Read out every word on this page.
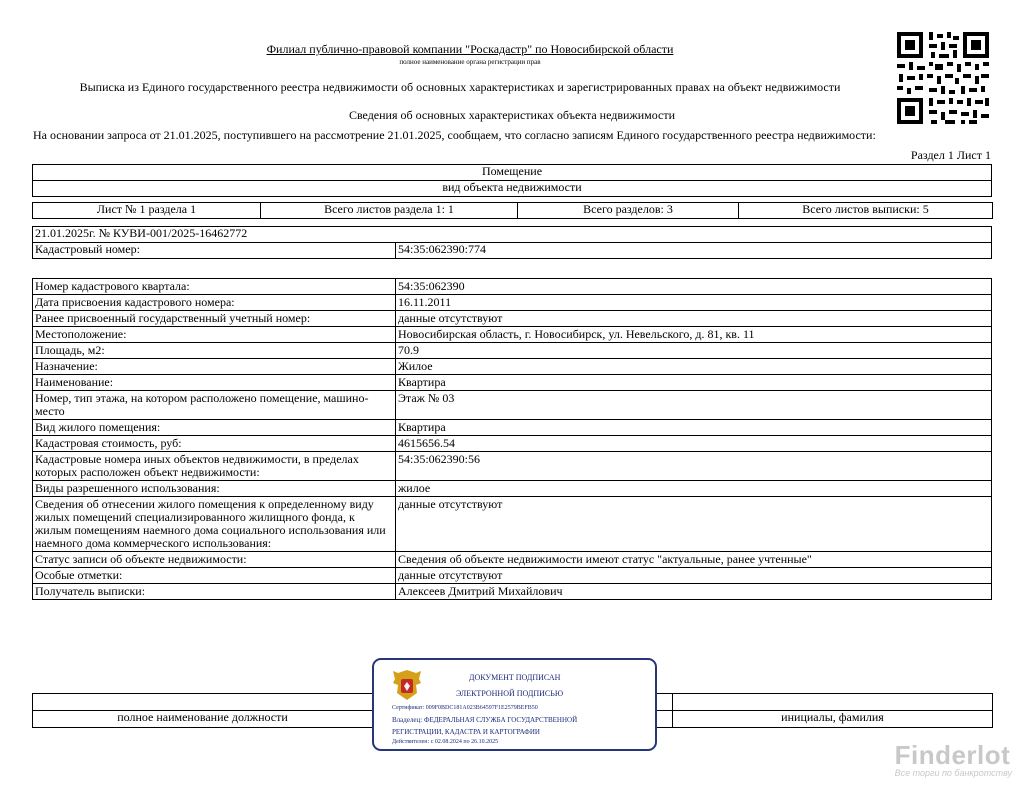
Филиал публично-правовой компании "Роскадастр" по Новосибирской области
полное наименование органа регистрации прав
Выписка из Единого государственного реестра недвижимости об основных характеристиках и зарегистрированных правах на объект недвижимости
Сведения об основных характеристиках объекта недвижимости
На основании запроса от 21.01.2025, поступившего на рассмотрение 21.01.2025, сообщаем, что согласно записям Единого государственного реестра недвижимости:
Раздел 1 Лист 1
Помещение
вид объекта недвижимости
Лист № 1 раздела 1	Всего листов раздела 1: 1	Всего разделов: 3	Всего листов выписки: 5
21.01.2025г. № КУВИ-001/2025-16462772
Кадастровый номер:	54:35:062390:774
Номер кадастрового квартала:	54:35:062390
Дата присвоения кадастрового номера:	16.11.2011
Ранее присвоенный государственный учетный номер:	данные отсутствуют
Местоположение:	Новосибирская область, г. Новосибирск, ул. Невельского, д. 81, кв. 11
Площадь, м2:	70.9
Назначение:	Жилое
Наименование:	Квартира
Номер, тип этажа, на котором расположено помещение, машино-место	Этаж № 03
Вид жилого помещения:	Квартира
Кадастровая стоимость, руб:	4615656.54
Кадастровые номера иных объектов недвижимости, в пределах которых расположен объект недвижимости:	54:35:062390:56
Виды разрешенного использования:	жилое
Сведения об отнесении жилого помещения к определенному виду жилых помещений специализированного жилищного фонда, к жилым помещениям наемного дома социального использования или наемного дома коммерческого использования:	данные отсутствуют
Статус записи об объекте недвижимости:	Сведения об объекте недвижимости имеют статус "актуальные, ранее учтенные"
Особые отметки:	данные отсутствуют
Получатель выписки:	Алексеев Дмитрий Михайлович

полное наименование должности		инициалы, фамилия
ДОКУМЕНТ ПОДПИСАН
ЭЛЕКТРОННОЙ ПОДПИСЬЮ
Сертификат: 009F0BDC181A023B64597F1E2579BEFB50
Владелец: ФЕДЕРАЛЬНАЯ СЛУЖБА ГОСУДАРСТВЕННОЙ
РЕГИСТРАЦИИ, КАДАСТРА И КАРТОГРАФИИ
Действителен: с 02.08.2024 по 26.10.2025	Finderlot
Все торги по банкротству
